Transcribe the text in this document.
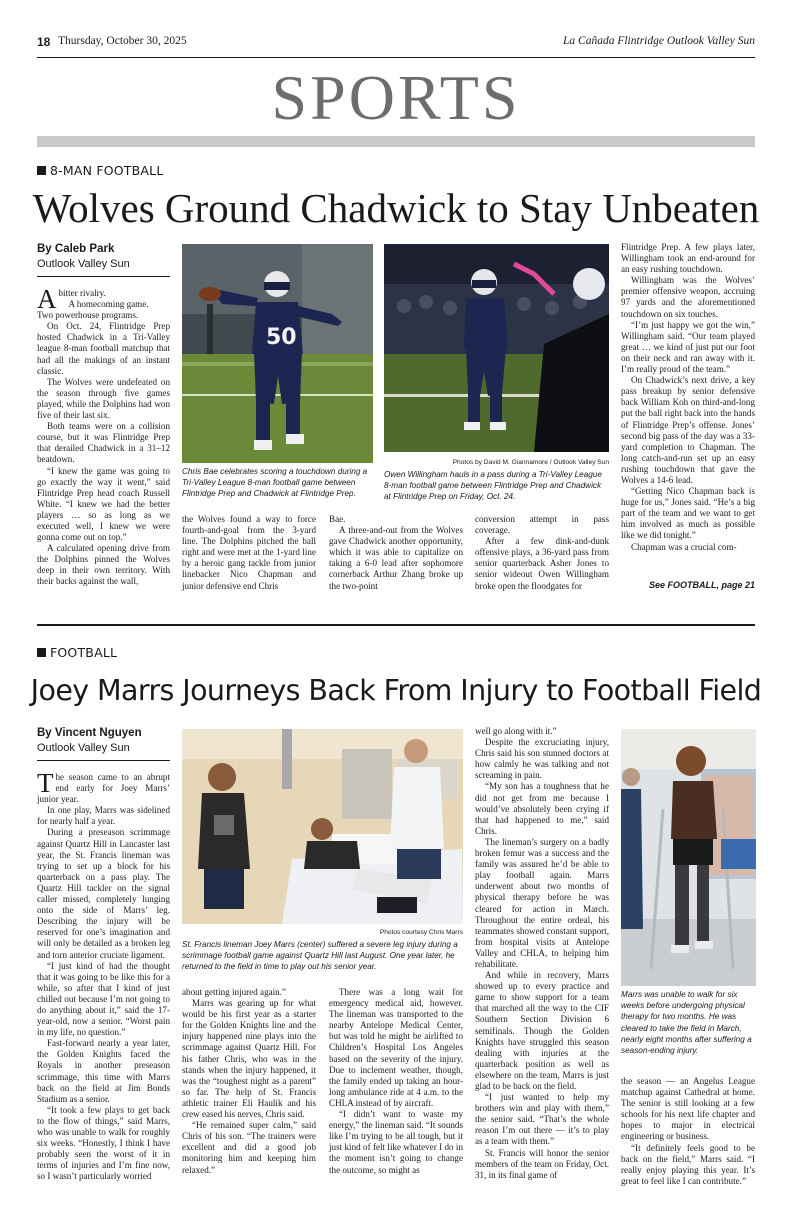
18 Thursday, October 30, 2025	La Cañada Flintridge Outlook Valley Sun
SPORTS
8-MAN FOOTBALL
Wolves Ground Chadwick to Stay Unbeaten
By Caleb Park
Outlook Valley Sun
50
Chris Bae celebrates scoring a touchdown during a Tri-Valley League 8-man football game between Flintridge Prep and Chadwick at Flintridge Prep.
Photos by David M. Giannamore / Outlook Valley Sun
Owen Willingham hauls in a pass during a Tri-Valley League 8-man football game between Flintridge Prep and Chadwick at Flintridge Prep on Friday, Oct. 24.

Abitter rivalry.

A homecoming game.

Two powerhouse programs.

On Oct. 24, Flintridge Prep hosted Chadwick in a Tri-Valley league 8-man football matchup that had all the makings of an instant classic.

The Wolves were undefeated on the season through five games played, while the Dolphins had won five of their last six.

Both teams were on a collision course, but it was Flintridge Prep that derailed Chadwick in a 31–12 beatdown.

“I knew the game was going to go exactly the way it went,” said Flintridge Prep head coach Russell White. “I knew we had the better players … so as long as we executed well, I knew we were gonna come out on top.”

A calculated opening drive from the Dolphins pinned the Wolves deep in their own territory. With their backs against the wall,

the Wolves found a way to force fourth-and-goal from the 3-yard line. The Dolphins pitched the ball right and were met at the 1-yard line by a heroic gang tackle from junior linebacker Nico Chapman and junior defensive end Chris

Bae.

A three-and-out from the Wolves gave Chadwick another opportunity, which it was able to capitalize on taking a 6-0 lead after sophomore cornerback Arthur Zhang broke up the two-point

conversion attempt in pass coverage.

After a few dink-and-dunk offensive plays, a 36-yard pass from senior quarterback Asher Jones to senior wideout Owen Willingham broke open the floodgates for

Flintridge Prep. A few plays later, Willingham took an end-around for an easy rushing touchdown.

Willingham was the Wolves’ premier offensive weapon, accruing 97 yards and the aforementioned touchdown on six touches.

“I’m just happy we got the win,” Willingham said. “Our team played great … we kind of just put our foot on their neck and ran away with it. I’m really proud of the team.”

On Chadwick’s next drive, a key pass breakup by senior defensive back William Koh on third-and-long put the ball right back into the hands of Flintridge Prep’s offense. Jones’ second big pass of the day was a 33-yard completion to Chapman. The long catch-and-run set up an easy rushing touchdown that gave the Wolves a 14-6 lead.

“Getting Nico Chapman back is huge for us,” Jones said. “He’s a big part of the team and we want to get him involved as much as possible like we did tonight.”

Chapman was a crucial com-

See FOOTBALL, page 21
FOOTBALL
Joey Marrs Journeys Back From Injury to Football Field
By Vincent Nguyen
Outlook Valley Sun
Photos courtesy Chris Marrs
St. Francis lineman Joey Marrs (center) suffered a severe leg injury during a scrimmage football game against Quartz Hill last August. One year later, he returned to the field in time to play out his senior year.
Marrs was unable to walk for six weeks before undergoing physical therapy for two months. He was cleared to take the field in March, nearly eight months after suffering a season-ending injury.

The season came to an abrupt end early for Joey Marrs’ junior year.

In one play, Marrs was sidelined for nearly half a year.

During a preseason scrimmage against Quartz Hill in Lancaster last year, the St. Francis lineman was trying to set up a block for his quarterback on a pass play. The Quartz Hill tackler on the signal caller missed, completely lunging onto the side of Marrs’ leg. Describing the injury will be reserved for one’s imagination and will only be detailed as a broken leg and torn anterior cruciate ligament.

“I just kind of had the thought that it was going to be like this for a while, so after that I kind of just chilled out because I’m not going to do anything about it,” said the 17-year-old, now a senior. “Worst pain in my life, no question.”

Fast-forward nearly a year later, the Golden Knights faced the Royals in another preseason scrimmage, this time with Marrs back on the field at Jim Bonds Stadium as a senior.

“It took a few plays to get back to the flow of things,” said Marrs, who was unable to walk for roughly six weeks. “Honestly, I think I have probably seen the worst of it in terms of injuries and I’m fine now, so I wasn’t particularly worried

about getting injured again.”

Marrs was gearing up for what would be his first year as a starter for the Golden Knights line and the injury happened nine plays into the scrimmage against Quartz Hill. For his father Chris, who was in the stands when the injury happened, it was the “toughest night as a parent” so far. The help of St. Francis athletic trainer Eli Haulik and his crew eased his nerves, Chris said.

“He remained super calm,” said Chris of his son. “The trainers were excellent and did a good job monitoring him and keeping him relaxed.”

There was a long wait for emergency medical aid, however. The lineman was transported to the nearby Antelope Medical Center, but was told he might be airlifted to Children’s Hospital Los Angeles based on the severity of the injury. Due to inclement weather, though, the family ended up taking an hour-long ambulance ride at 4 a.m. to the CHLA instead of by aircraft.

“I didn’t want to waste my energy,” the lineman said. “It sounds like I’m trying to be all tough, but it just kind of felt like whatever I do in the moment isn’t going to change the outcome, so might as

well go along with it.”

Despite the excruciating injury, Chris said his son stunned doctors at how calmly he was talking and not screaming in pain.

“My son has a toughness that he did not get from me because I would’ve absolutely been crying if that had happened to me,” said Chris.

The lineman’s surgery on a badly broken femur was a success and the family was assured he’d be able to play football again. Marrs underwent about two months of physical therapy before he was cleared for action in March. Throughout the entire ordeal, his teammates showed constant support, from hospital visits at Antelope Valley and CHLA, to helping him rehabilitate.

And while in recovery, Marrs showed up to every practice and game to show support for a team that marched all the way to the CIF Southern Section Division 6 semifinals. Though the Golden Knights have struggled this season dealing with injuries at the quarterback position as well as elsewhere on the team, Marrs is just glad to be back on the field.

“I just wanted to help my brothers win and play with them,” the senior said. “That’s the whole reason I’m out there — it’s to play as a team with them.”

St. Francis will honor the senior members of the team on Friday, Oct. 31, in its final game of

the season — an Angelus League matchup against Cathedral at home. The senior is still looking at a few schools for his next life chapter and hopes to major in electrical engineering or business.

“It definitely feels good to be back on the field,” Marrs said. “I really enjoy playing this year. It’s great to feel like I can contribute.”
